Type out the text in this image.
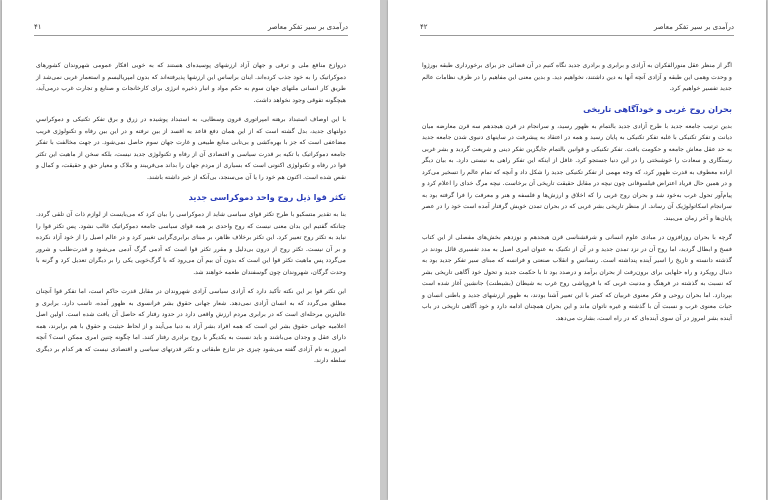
درآمدی بر سیر تفکر معاصر
۴۱

دروازع منافع ملی و ترقی و جهان آزاد ارزشهای پوسیده‌ای هستند که به خوبی افکار عمومی شهروندان کشورهای دموکراتیک را به خود جذب کرده‌اند. اینان براساس این ارزشها پذیرفته‌اند که بدون امپریالیسم و استعمار غربی نمی‌شد از طریق کار انسانی ملتهای جهان سوم به حکم مواد و انبار ذخیره انرژی برای کارخانجات و صنایع و تجارت غرب درمی‌آید، هیچگونه تفوقی وجود نخواهد داشت.

با این اوصاف استبداد برهنه امپراتوری قرون وسطایی، به استبداد پوشیده در زرق و برق تفکر تکنیکی و دموکراسیِ دولتهای جدید، بدل گشته است که از این همان دفع قاعد به افسد از بین نرفته و در این بین رفاه و تکنولوژی فریب مضاعفی است که جز با بهره‌کشی و بی‌تابی منابع طبیعی و غارت جهان سوم حاصل نمی‌شود. در جهت مخالفت با تفکر جامعه دموکراتیک با تکیه بر قدرت سیاسی و اقتصادی آن از رفاه و تکنولوژی جدید نیست، بلکه سخن از ماهیت این تکثر قوا در رفاه و تکنولوژی اکنونی است که بسیاری از مردم جهان را بداند می‌فریبند و ملاک و معیار حق و حقیقت، و کمال و نقص شده است. اکنون هم خود را یا آن می‌سنجد، بی‌آنکه از خبر داشته باشند.

تکثر قوا ذیل روح واحد دموکراسی جدید

بنا به تقدیر متسکیو با طرح تکثر قوای سیاسی شاید از دموکراسی را بیان کرد که می‌بایست از لوازم ذات آن تلقی گردد. چنانکه گفتیم این بدان معنی نیست که روح واحدی بر همه قوای سیاسی جامعه دموکراتیک غالب نشود. پس تکثر قوا را نباید به تکثر روح تعبیر کرد. این تکثر برخلاف ظاهر، بر مبنای برابری‌گرایی تغییر کرد و در عالم اصیل را از خود آزاد نکرده و بر آن نیست. تکثر روح از درون بی‌دلیل و مقرر تکثر قوا است که آدمی گرگ آدمی می‌شود و قدرت‌طلب و شرور می‌گردد پس ماهیت تکثر قوا این است که بدون آن بیم آن می‌رود که با گرگ‌خویی یکی را بر دیگران تعدیل کرد و گرنه با وحدت گرگان، شهروندان چون گوسفندان طعمه خواهند شد.

این تکثر قوا بر این نکته تأکید دارد که آزادی سیاسی آزادی شهروندان در مقابل قدرت حاکم است، اما تفکر قوا آنچنان مطلق می‌گردد که به انسان آزادی نمی‌دهد. شعار جهانی حقوق بشر فرانسوی به ظهور آمده، تاسب دارد. برابری و عالیترین مرحله‌ای است که در برابری مردم ارزش واقعی دارد در حدود رفتار که حاصل آن یافت شده است. اولین اصل اعلامیه جهانی حقوق بشر این است که همه افراد بشر آزاد به دنیا می‌آیند و از لحاظ حیثیت و حقوق با هم برابرند، همه دارای عقل و وجدان می‌باشند و باید نسبت به یکدیگر با روح برادری رفتار کنند. اما چگونه چنین امری ممکن است؟ آنچه امروز به نام آزادی گفته می‌شود چیزی جز تنازع طبقاتی و تکثر قدرتهای سیاسی و اقتصادی نیست که هر کدام بر دیگری سلطه دارند.

درآمدی بر سیر تفکر معاصر
۴۲

اگر از منظر عقل منورالفکران به آزادی و برابری و برادری جدید نگاه کنیم در آن فضائی جز برای برخورداری طبقه بورژوا و وحدت وهمی این طبقه و آزادی آنچه آنها به دین داشتند، نخواهیم دید. و بدین معنی این مفاهیم را در ظرف نظامات عالم جدید تفسیر خواهیم کرد.

بحران روح غربی و خودآگاهی تاریخی

بدین ترتیب جامعه جدید با طرح آزادی جدید بالتمام به ظهور رسید، و سرانجام در قرن هیجدهم سه قرن معارضه میان دیانت و تفکر تکنیکی با غلبه تفکر تکنیکی به پایان رسید و همه در اعتقاد به پیشرفت در ساینهای دنیوی شدن جامعه جدید به حد عقل معاش جامعه و حکومت یافت. تفکر تکنیکی و قوانین بالتمام جایگزین تفکر دینی و شریعت گردید و بشر غربی رستگاری و سعادت را خوشبختی را در این دنیا جستجو کرد. غافل از اینکه این تفکر راهی به نیستی دارد. به بیان دیگر اراده معطوف به قدرت ظهور کرد، که وجه مهمی از تفکر تکنیکی جدید را شکل داد و آنچه که تمام عالم را تسخیر می‌کرد و در همین حال فریاد اعتراض فیلسوفانی چون نیچه در مقابل حقیقت تاریخی آن برخاست. نیچه مرگ خدای را اعلام کرد و پیام‌آور تحول غرب به‌خود شد و بحران روح غربی را که اخلاق و ارزش‌ها و فلسفه و هنر و معرفت را فرا گرفته بود به سرانجام اسکاتولوژیک آن رساند. از منظر تاریخی بشر غربی که در بحران تمدن خویش گرفتار آمده است خود را در عصر پایان‌ها و آخر زمان می‌بیند.

گرچه با بحران روزافزون در مبادی علوم انسانی و شرقشناسی قرن هیجدهم و نوزدهم بخش‌های مفصلی از این کتاب فسخ و ابطال گردید، اما روح آن در نزد تمدن جدید و در آن از تکنیک به عنوان امری اصیل به مدد تفسیری قائل بودند در گذشته دانسته و تاریخ را اسیر آینده پنداشته است. رنسانس و انقلاب صنعتی و فرانسه که مبنای سیر تفکر جدید بود به دنبال رویکرد و راه حلهایی برای برون‌رفت از بحران برآمد و درصدد بود تا با حکمت جدید و تحول خود آگاهی تاریخی بشر که نسبت به گذشته در فرهنگ و مدنیت غربی که با فروپاشی روح غرب به شیطان (بشیطنت) جانشین آغاز شده است بپردازد. اما بحران روحی و فکر معنوی غربیان که کمتر با این تعبیر آشنا بودند، به ظهور ارزشهای جدید و باطنی انسان و حیات معنوی غرب و نسبت آن با گذشته و غیره ناتوان ماند و این بحران همچنان ادامه دارد و خود آگاهی تاریخی در باب آینده بشر امروز در آن سوی آینده‌ای که در راه است، بشارت می‌دهد.
